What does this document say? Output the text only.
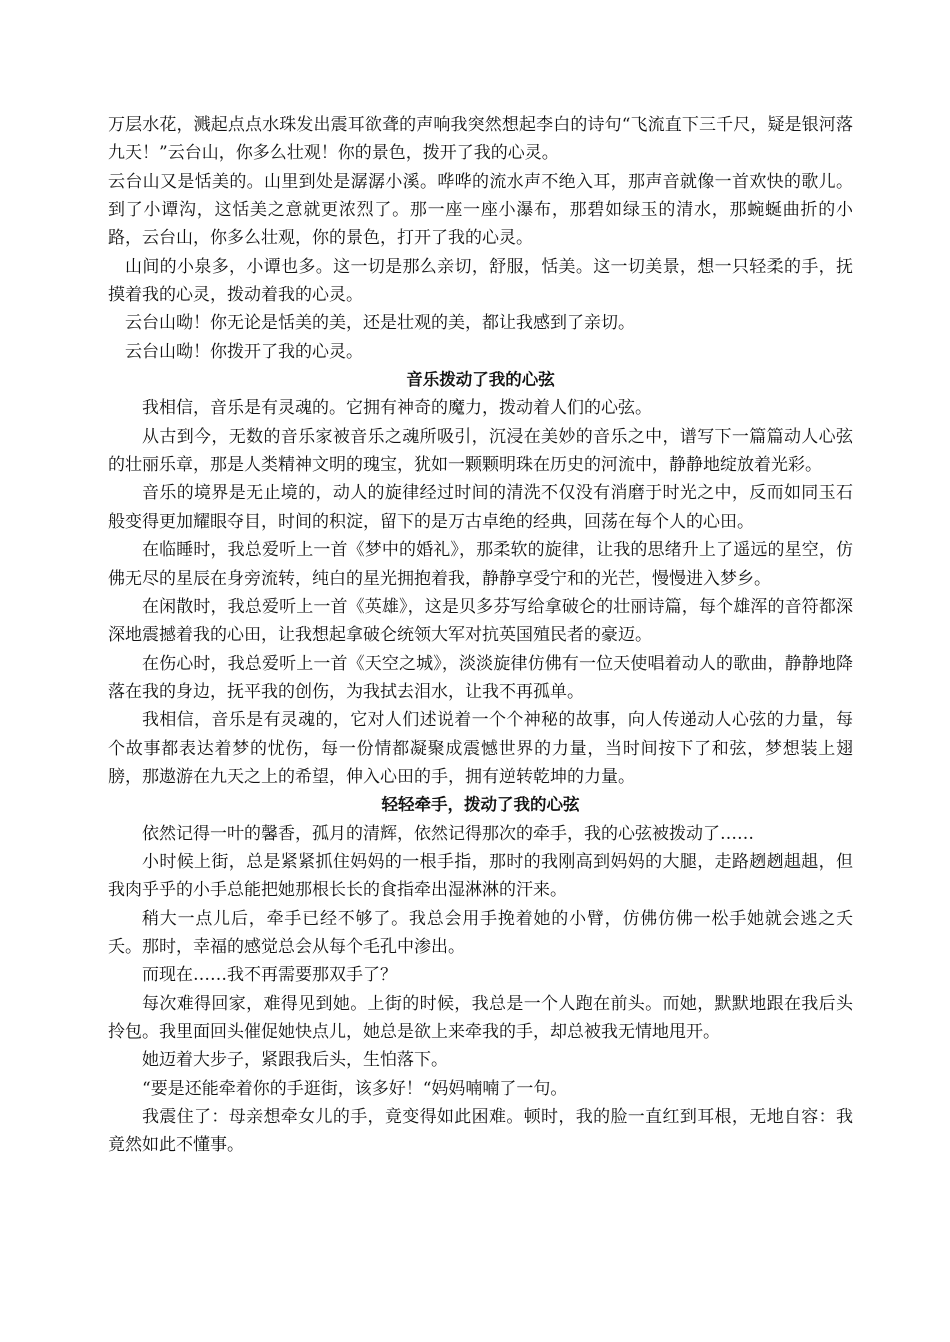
万层水花，溅起点点水珠发出震耳欲聋的声响我突然想起李白的诗句“飞流直下三千尺，疑是银河落九天！”云台山，你多么壮观！你的景色，拨开了我的心灵。

云台山又是恬美的。山里到处是潺潺小溪。哗哗的流水声不绝入耳，那声音就像一首欢快的歌儿。到了小谭沟，这恬美之意就更浓烈了。那一座一座小瀑布，那碧如绿玉的清水，那蜿蜒曲折的小路，云台山，你多么壮观，你的景色，打开了我的心灵。

山间的小泉多，小谭也多。这一切是那么亲切，舒服，恬美。这一切美景，想一只轻柔的手，抚摸着我的心灵，拨动着我的心灵。

云台山呦！你无论是恬美的美，还是壮观的美，都让我感到了亲切。

云台山呦！你拨开了我的心灵。

音乐拨动了我的心弦

我相信，音乐是有灵魂的。它拥有神奇的魔力，拨动着人们的心弦。

从古到今，无数的音乐家被音乐之魂所吸引，沉浸在美妙的音乐之中，谱写下一篇篇动人心弦的壮丽乐章，那是人类精神文明的瑰宝，犹如一颗颗明珠在历史的河流中，静静地绽放着光彩。

音乐的境界是无止境的，动人的旋律经过时间的清洗不仅没有消磨于时光之中，反而如同玉石般变得更加耀眼夺目，时间的积淀，留下的是万古卓绝的经典，回荡在每个人的心田。

在临睡时，我总爱听上一首《梦中的婚礼》，那柔软的旋律，让我的思绪升上了遥远的星空，仿佛无尽的星辰在身旁流转，纯白的星光拥抱着我，静静享受宁和的光芒，慢慢进入梦乡。

在闲散时，我总爱听上一首《英雄》，这是贝多芬写给拿破仑的壮丽诗篇，每个雄浑的音符都深深地震撼着我的心田，让我想起拿破仑统领大军对抗英国殖民者的豪迈。

在伤心时，我总爱听上一首《天空之城》，淡淡旋律仿佛有一位天使唱着动人的歌曲，静静地降落在我的身边，抚平我的创伤，为我拭去泪水，让我不再孤单。

我相信，音乐是有灵魂的，它对人们述说着一个个神秘的故事，向人传递动人心弦的力量，每个故事都表达着梦的忧伤，每一份情都凝聚成震憾世界的力量，当时间按下了和弦，梦想装上翅膀，那遨游在九天之上的希望，伸入心田的手，拥有逆转乾坤的力量。

轻轻牵手，拨动了我的心弦

依然记得一叶的馨香，孤月的清辉，依然记得那次的牵手，我的心弦被拨动了……

小时候上街，总是紧紧抓住妈妈的一根手指，那时的我刚高到妈妈的大腿，走路趔趔趄趄，但我肉乎乎的小手总能把她那根长长的食指牵出湿淋淋的汗来。

稍大一点儿后，牵手已经不够了。我总会用手挽着她的小臂，仿佛仿佛一松手她就会逃之夭夭。那时，幸福的感觉总会从每个毛孔中渗出。

而现在……我不再需要那双手了？

每次难得回家，难得见到她。上街的时候，我总是一个人跑在前头。而她，默默地跟在我后头拎包。我里面回头催促她快点儿，她总是欲上来牵我的手，却总被我无情地甩开。

她迈着大步子，紧跟我后头，生怕落下。

“要是还能牵着你的手逛街，该多好！“妈妈喃喃了一句。

我震住了：母亲想牵女儿的手，竟变得如此困难。顿时，我的脸一直红到耳根，无地自容：我竟然如此不懂事。
